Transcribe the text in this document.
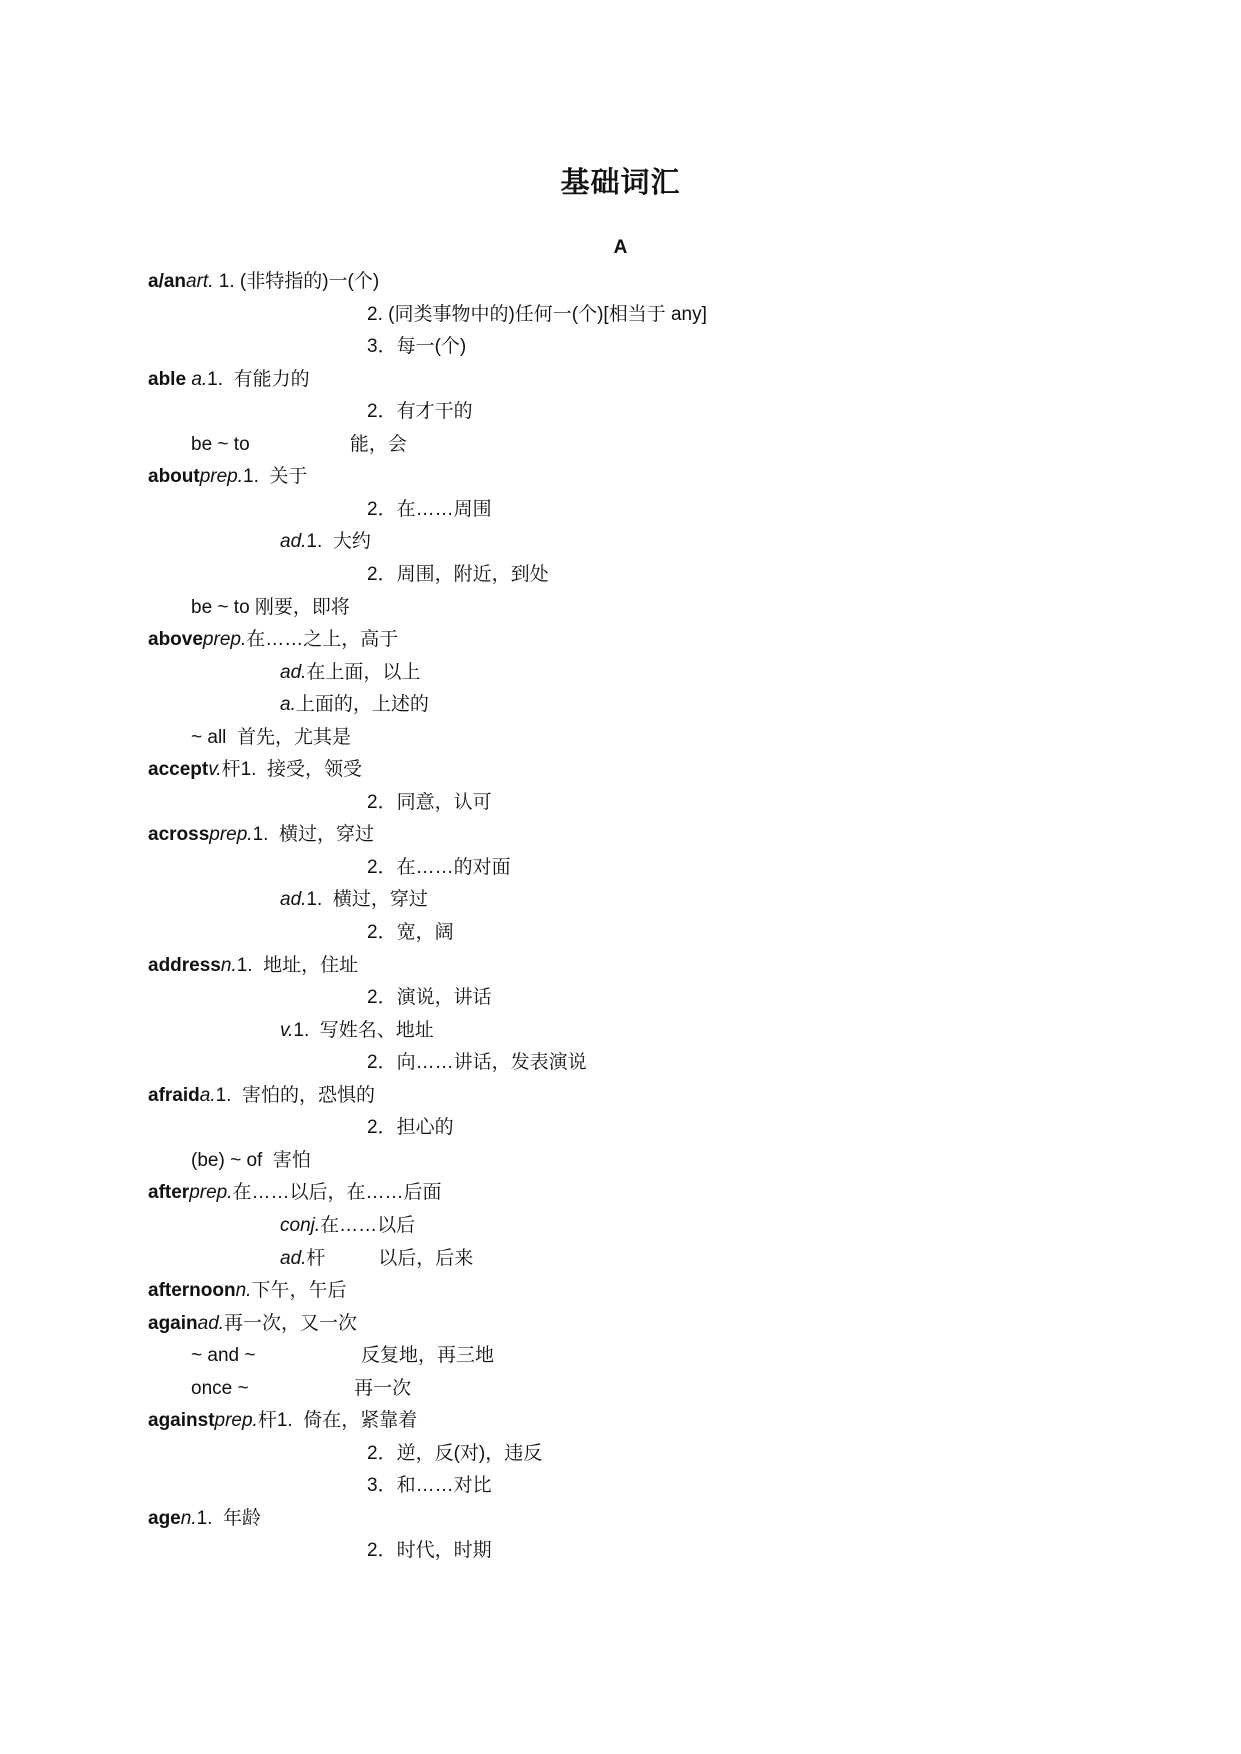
基础词汇
A
a/anart. 1. (非特指的)一(个)
2. (同类事物中的)任何一(个)[相当于 any]
3．每一(个)
able a.1.  有能力的
2．有才干的
be ~ to                   能，会
aboutprep.1.  关于
2．在……周围
ad.1.  大约
2．周围，附近，到处
be ~ to 刚要，即将
aboveprep.在……之上，高于
ad.在上面，以上
a.上面的，上述的
~ all  首先，尤其是
acceptv.杆1.  接受，领受
2．同意，认可
acrossprep.1.  横过，穿过
2．在……的对面
ad.1.  横过，穿过
2．宽，阔
addressn.1.  地址，住址
2．演说，讲话
v.1.  写姓名、地址
2．向……讲话，发表演说
afraida.1.  害怕的，恐惧的
2．担心的
(be) ~ of  害怕
afterprep.在……以后，在……后面
conj.在……以后
ad.杆          以后，后来
afternoonn.下午，午后
againad.再一次，又一次
~ and ~                    反复地，再三地
once ~                    再一次
againstprep.杆1.  倚在，紧靠着
2．逆，反(对)，违反
3．和……对比
agen.1.  年龄
2．时代，时期
